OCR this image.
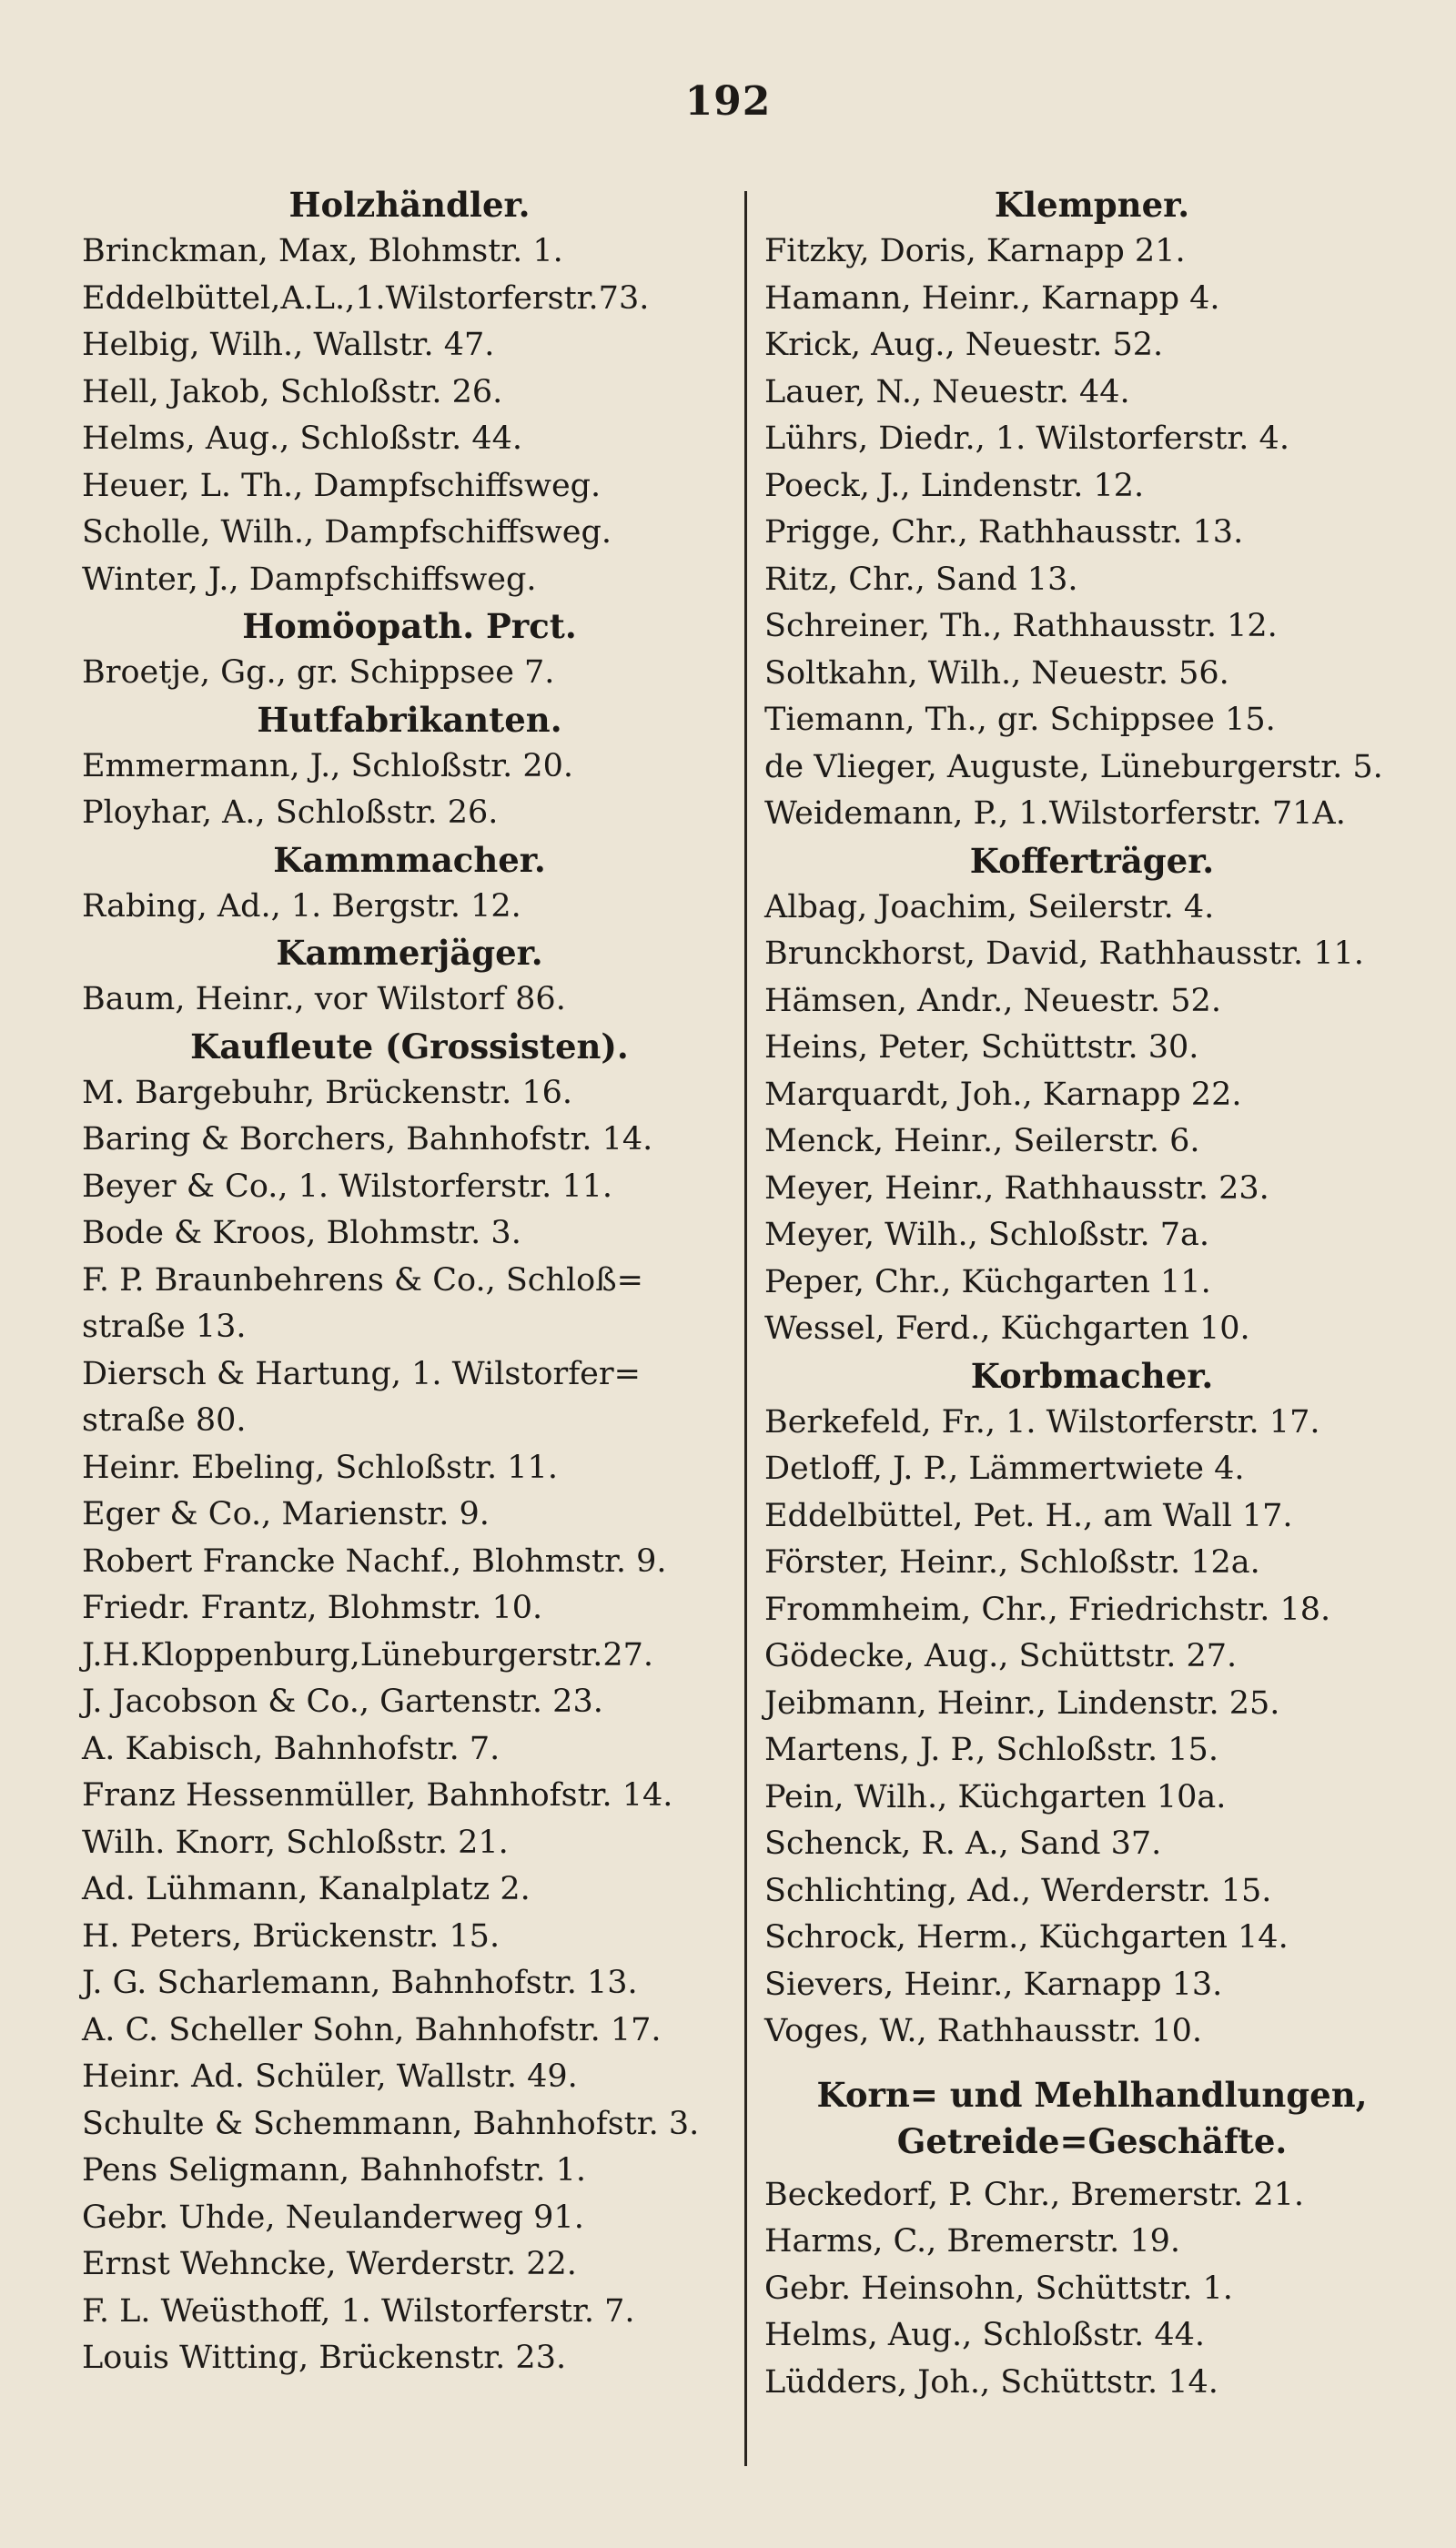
192
Holzhändler.
Brinckman, Max, Blohmstr. 1.
Eddelbüttel,A.L.,1.Wilstorferstr.73.
Helbig, Wilh., Wallstr. 47.
Hell, Jakob, Schloßstr. 26.
Helms, Aug., Schloßstr. 44.
Heuer, L. Th., Dampfschiffsweg.
Scholle, Wilh., Dampfschiffsweg.
Winter, J., Dampfschiffsweg.
Homöopath. Prct.
Broetje, Gg., gr. Schippsee 7.
Hutfabrikanten.
Emmermann, J., Schloßstr. 20.
Ployhar, A., Schloßstr. 26.
Kammmacher.
Rabing, Ad., 1. Bergstr. 12.
Kammerjäger.
Baum, Heinr., vor Wilstorf 86.
Kaufleute (Grossisten).
M. Bargebuhr, Brückenstr. 16.
Baring & Borchers, Bahnhofstr. 14.
Beyer & Co., 1. Wilstorferstr. 11.
Bode & Kroos, Blohmstr. 3.
F. P. Braunbehrens & Co., Schloß=
straße 13.
Diersch & Hartung, 1. Wilstorfer=
straße 80.
Heinr. Ebeling, Schloßstr. 11.
Eger & Co., Marienstr. 9.
Robert Francke Nachf., Blohmstr. 9.
Friedr. Frantz, Blohmstr. 10.
J.H.Kloppenburg,Lüneburgerstr.27.
J. Jacobson & Co., Gartenstr. 23.
A. Kabisch, Bahnhofstr. 7.
Franz Hessenmüller, Bahnhofstr. 14.
Wilh. Knorr, Schloßstr. 21.
Ad. Lühmann, Kanalplatz 2.
H. Peters, Brückenstr. 15.
J. G. Scharlemann, Bahnhofstr. 13.
A. C. Scheller Sohn, Bahnhofstr. 17.
Heinr. Ad. Schüler, Wallstr. 49.
Schulte & Schemmann, Bahnhofstr. 3.
Pens Seligmann, Bahnhofstr. 1.
Gebr. Uhde, Neulanderweg 91.
Ernst Wehncke, Werderstr. 22.
F. L. Weüsthoff, 1. Wilstorferstr. 7.
Louis Witting, Brückenstr. 23.
Klempner.
Fitzky, Doris, Karnapp 21.
Hamann, Heinr., Karnapp 4.
Krick, Aug., Neuestr. 52.
Lauer, N., Neuestr. 44.
Lührs, Diedr., 1. Wilstorferstr. 4.
Poeck, J., Lindenstr. 12.
Prigge, Chr., Rathhausstr. 13.
Ritz, Chr., Sand 13.
Schreiner, Th., Rathhausstr. 12.
Soltkahn, Wilh., Neuestr. 56.
Tiemann, Th., gr. Schippsee 15.
de Vlieger, Auguste, Lüneburgerstr. 5.
Weidemann, P., 1.Wilstorferstr. 71A.
Kofferträger.
Albag, Joachim, Seilerstr. 4.
Brunckhorst, David, Rathhausstr. 11.
Hämsen, Andr., Neuestr. 52.
Heins, Peter, Schüttstr. 30.
Marquardt, Joh., Karnapp 22.
Menck, Heinr., Seilerstr. 6.
Meyer, Heinr., Rathhausstr. 23.
Meyer, Wilh., Schloßstr. 7a.
Peper, Chr., Küchgarten 11.
Wessel, Ferd., Küchgarten 10.
Korbmacher.
Berkefeld, Fr., 1. Wilstorferstr. 17.
Detloff, J. P., Lämmertwiete 4.
Eddelbüttel, Pet. H., am Wall 17.
Förster, Heinr., Schloßstr. 12a.
Frommheim, Chr., Friedrichstr. 18.
Gödecke, Aug., Schüttstr. 27.
Jeibmann, Heinr., Lindenstr. 25.
Martens, J. P., Schloßstr. 15.
Pein, Wilh., Küchgarten 10a.
Schenck, R. A., Sand 37.
Schlichting, Ad., Werderstr. 15.
Schrock, Herm., Küchgarten 14.
Sievers, Heinr., Karnapp 13.
Voges, W., Rathhausstr. 10.
Korn= und Mehlhandlungen,
Getreide=Geschäfte.
Beckedorf, P. Chr., Bremerstr. 21.
Harms, C., Bremerstr. 19.
Gebr. Heinsohn, Schüttstr. 1.
Helms, Aug., Schloßstr. 44.
Lüdders, Joh., Schüttstr. 14.
